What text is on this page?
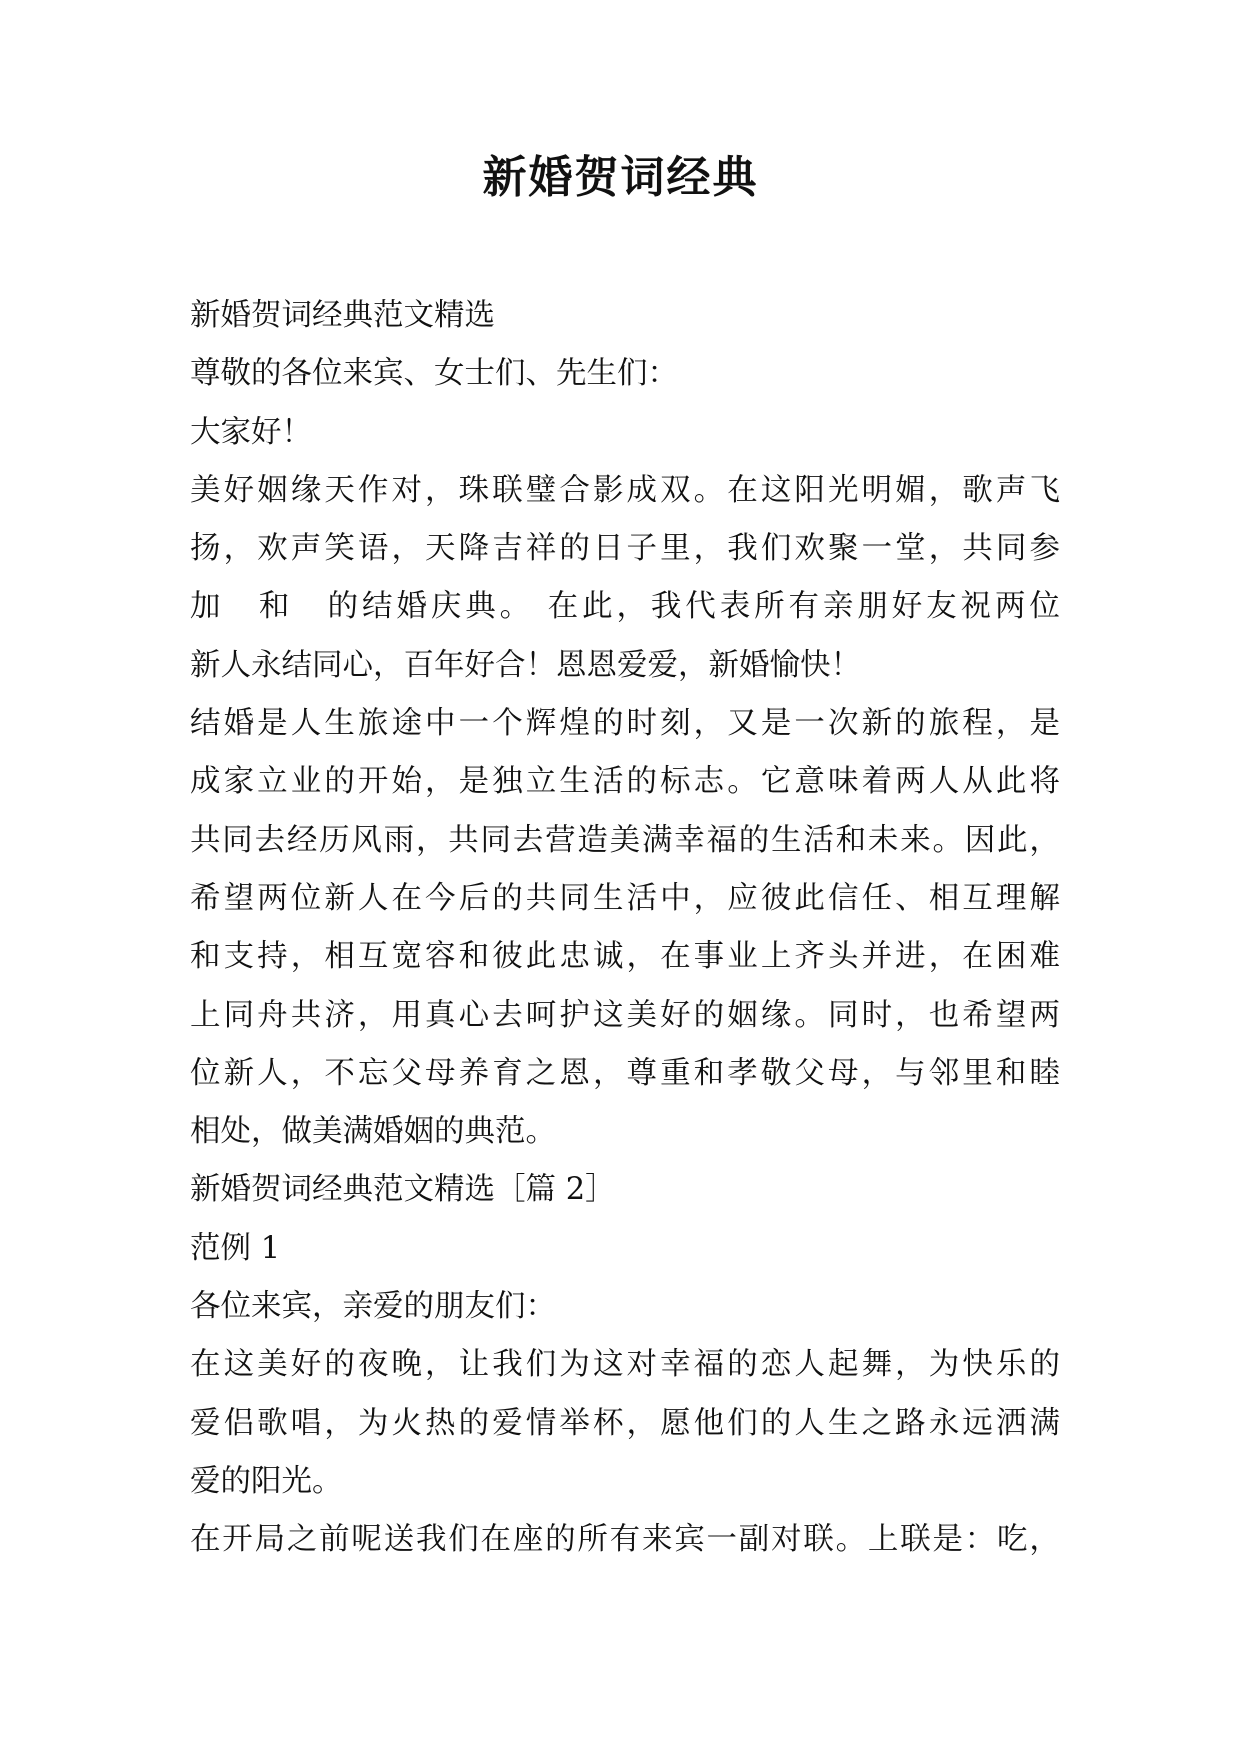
新婚贺词经典
新婚贺词经典范文精选
尊敬的各位来宾、女士们、先生们：
大家好！
美 好 姻 缘 天 作 对 ， 珠 联 璧 合 影 成 双 。 在 这 阳 光 明 媚 ， 歌 声 飞
扬 ， 欢 声 笑 语 ， 天 降 吉 祥 的 日 子 里 ， 我 们 欢 聚 一 堂 ， 共 同 参
加
　 和
　 的 结 婚 庆 典 。
在 此 ， 我 代 表 所 有 亲 朋 好 友 祝 两 位
新人永结同心，百年好合！恩恩爱爱，新婚愉快！
结 婚 是 人 生 旅 途 中 一 个 辉 煌 的 时 刻 ， 又 是 一 次 新 的 旅 程 ， 是
成 家 立 业 的 开 始 ， 是 独 立 生 活 的 标 志 。 它 意 味 着 两 人 从 此 将
共 同 去 经 历 风 雨 ， 共 同 去 营 造 美 满 幸 福 的 生 活 和 未 来 。 因 此 ，
希 望 两 位 新 人 在 今 后 的 共 同 生 活 中 ， 应 彼 此 信 任 、 相 互 理 解
和 支 持 ， 相 互 宽 容 和 彼 此 忠 诚 ， 在 事 业 上 齐 头 并 进 ， 在 困 难
上 同 舟 共 济 ， 用 真 心 去 呵 护 这 美 好 的 姻 缘 。 同 时 ， 也 希 望 两
位 新 人 ， 不 忘 父 母 养 育 之 恩 ， 尊 重 和 孝 敬 父 母 ， 与 邻 里 和 睦
相处，做美满婚姻的典范。
新婚贺词经典范文精选［篇 2］
范例 1
各位来宾，亲爱的朋友们：
在 这 美 好 的 夜 晚 ， 让 我 们 为 这 对 幸 福 的 恋 人 起 舞 ， 为 快 乐 的
爱 侣 歌 唱 ， 为 火 热 的 爱 情 举 杯 ， 愿 他 们 的 人 生 之 路 永 远 洒 满
爱的阳光。
在 开 局 之 前 呢 送 我 们 在 座 的 所 有 来 宾 一 副 对 联 。 上 联 是 ： 吃 ，
